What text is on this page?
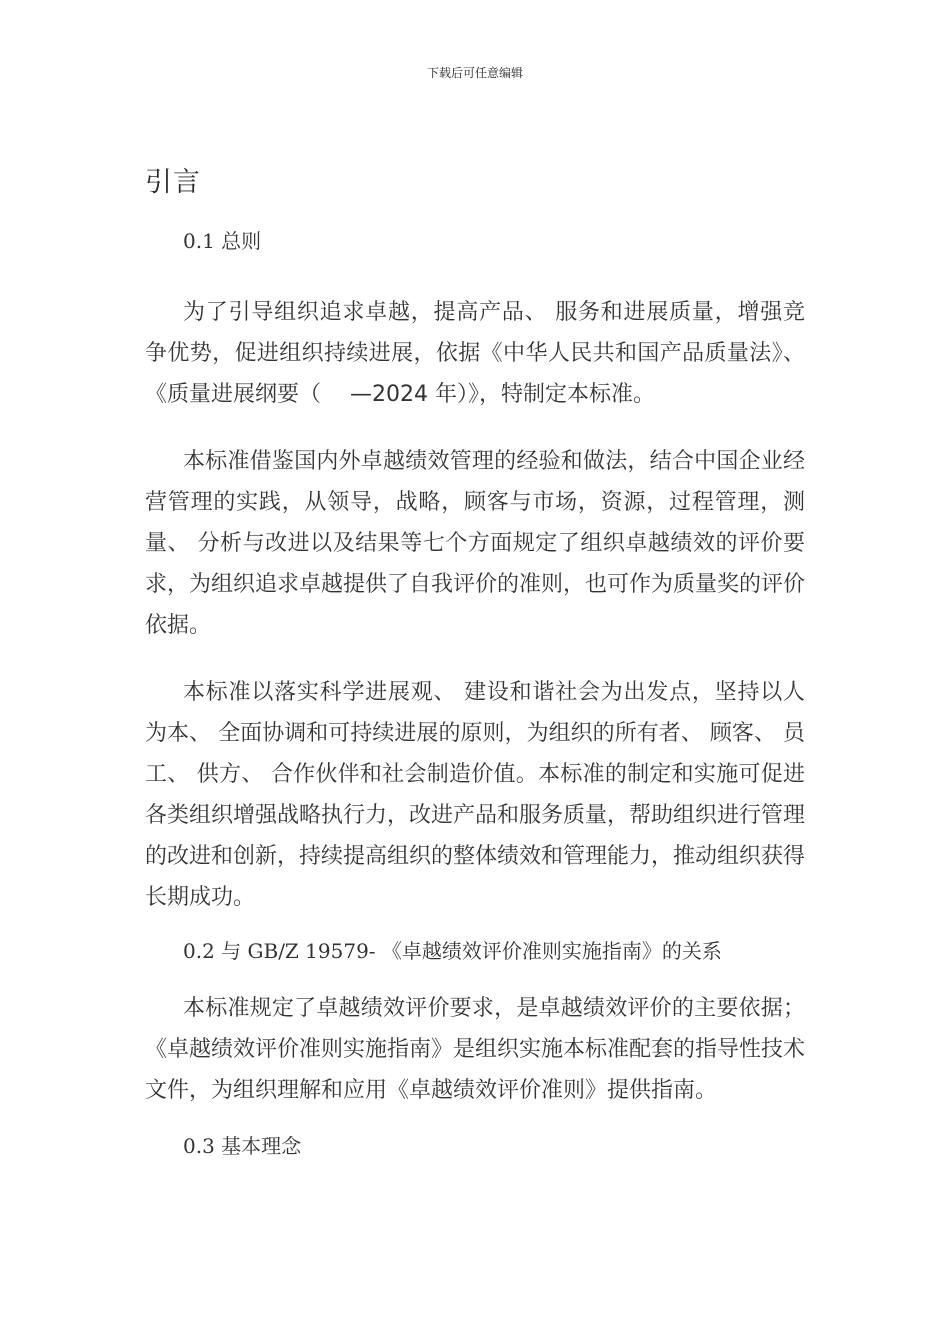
下载后可任意编辑
引言

0.1 总则

为了引导组织追求卓越，提高产品、 服务和进展质量，增强竞争优势，促进组织持续进展，依据《中华人民共和国产品质量法》、 《质量进展纲要（　 —2024 年）》，特制定本标准。

本标准借鉴国内外卓越绩效管理的经验和做法，结合中国企业经营管理的实践，从领导，战略，顾客与市场，资源，过程管理，测量、 分析与改进以及结果等七个方面规定了组织卓越绩效的评价要求，为组织追求卓越提供了自我评价的准则，也可作为质量奖的评价依据。

本标准以落实科学进展观、 建设和谐社会为出发点，坚持以人为本、 全面协调和可持续进展的原则，为组织的所有者、 顾客、 员工、 供方、 合作伙伴和社会制造价值。本标准的制定和实施可促进各类组织增强战略执行力，改进产品和服务质量，帮助组织进行管理的改进和创新，持续提高组织的整体绩效和管理能力，推动组织获得长期成功。

0.2 与 GB/Z 19579- 《卓越绩效评价准则实施指南》的关系

本标准规定了卓越绩效评价要求，是卓越绩效评价的主要依据；《卓越绩效评价准则实施指南》是组织实施本标准配套的指导性技术文件，为组织理解和应用《卓越绩效评价准则》提供指南。

0.3 基本理念
